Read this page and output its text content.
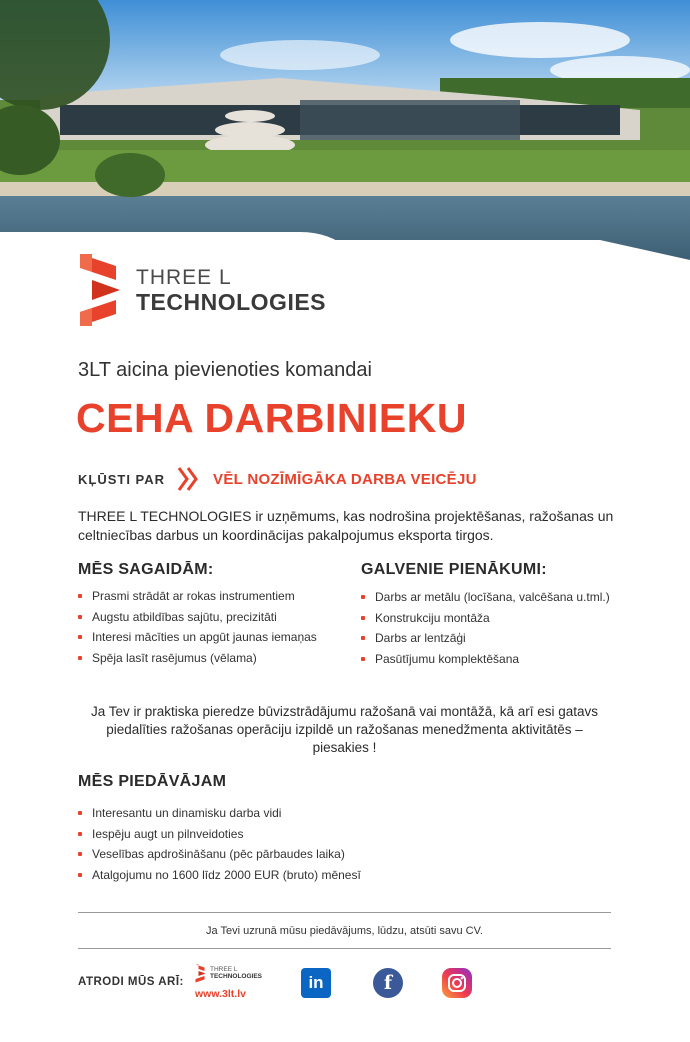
THREE L
TECHNOLOGIES
3LT aicina pievienoties komandai
CEHA DARBINIEKU
KĻŪSTI PAR	VĒL NOZĪMĪGĀKA DARBA VEICĒJU
THREE L TECHNOLOGIES ir uzņēmums, kas nodrošina projektēšanas, ražošanas un celtniecības darbus un koordinācijas pakalpojumus eksporta tirgos.
MĒS SAGAIDĀM:
Prasmi strādāt ar rokas instrumentiem
Augstu atbildības sajūtu, precizitāti
Interesi mācīties un apgūt jaunas iemaņas
Spēja lasīt rasējumus (vēlama)
GALVENIE PIENĀKUMI:
Darbs ar metālu (locīšana, valcēšana u.tml.)
Konstrukciju montāža
Darbs ar lentzāģi
Pasūtījumu komplektēšana
Ja Tev ir praktiska pieredze būvizstrādājumu ražošanā vai montāžā, kā arī esi gatavs piedalīties ražošanas operāciju izpildē un ražošanas menedžmenta aktivitātēs – piesakies !
MĒS PIEDĀVĀJAM
Interesantu un dinamisku darba vidi
Iespēju augt un pilnveidoties
Veselības apdrošināšanu (pēc pārbaudes laika)
Atalgojumu no 1600 līdz 2000 EUR (bruto) mēnesī
Ja Tevi uzrunā mūsu piedāvājums, lūdzu, atsūti savu CV.
ATRODI MŪS ARĪ:
THREE L
TECHNOLOGIES
www.3lt.lv
in	f
